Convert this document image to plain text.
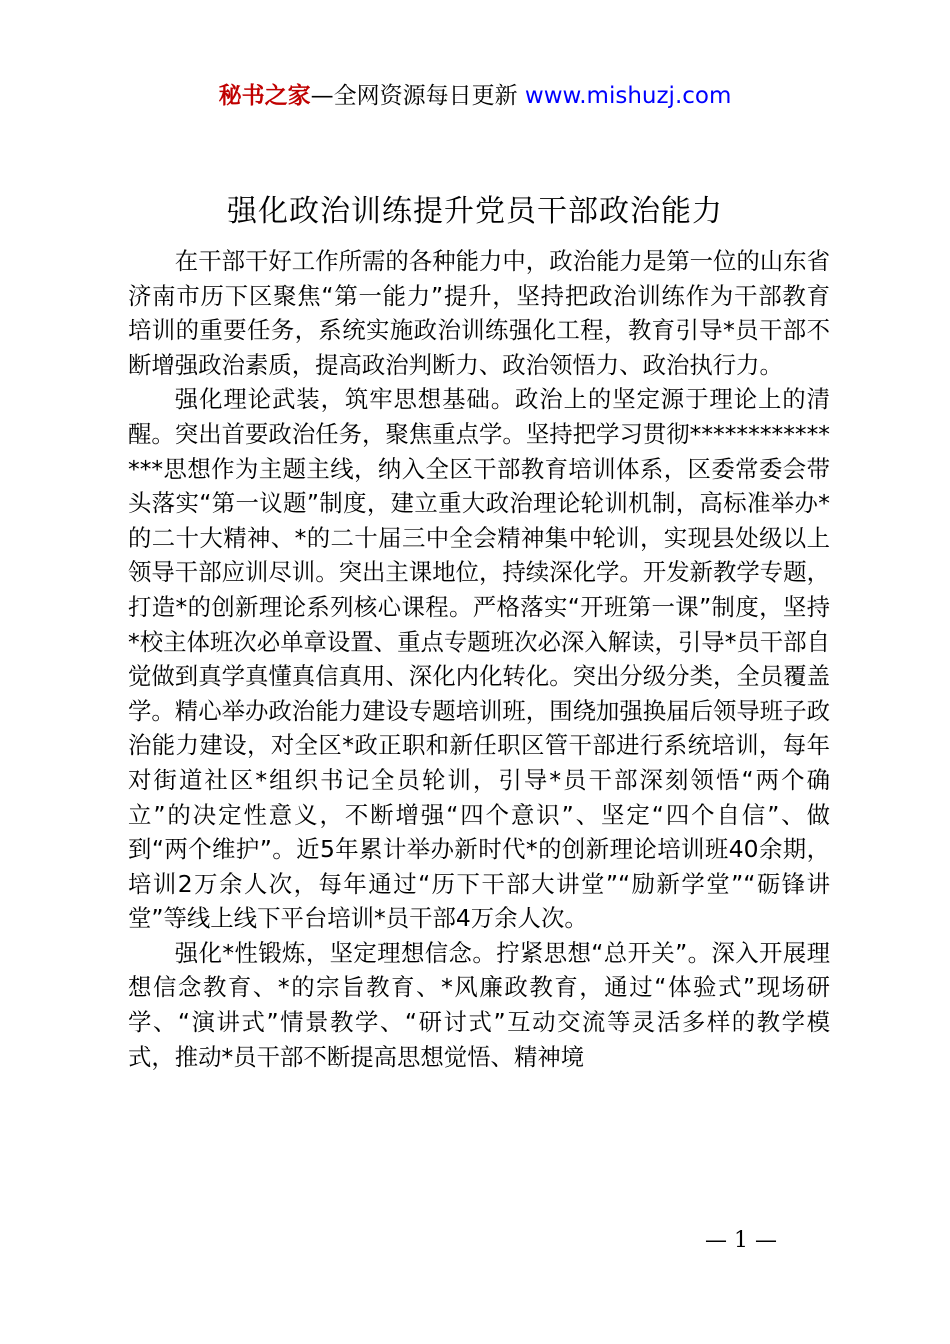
秘书之家—全网资源每日更新 www.mishuzj.com
强化政治训练提升党员干部政治能力

在干部干好工作所需的各种能力中，政治能力是第一位的山东省济南市历下区聚焦“第一能力”提升，坚持把政治训练作为干部教育培训的重要任务，系统实施政治训练强化工程，教育引导*员干部不断增强政治素质，提高政治判断力、政治领悟力、政治执行力。

强化理论武装，筑牢思想基础。政治上的坚定源于理论上的清醒。突出首要政治任务，聚焦重点学。坚持把学习贯彻***************思想作为主题主线，纳入全区干部教育培训体系，区委常委会带头落实“第一议题”制度，建立重大政治理论轮训机制，高标准举办*的二十大精神、*的二十届三中全会精神集中轮训，实现县处级以上领导干部应训尽训。突出主课地位，持续深化学。开发新教学专题，打造*的创新理论系列核心课程。严格落实“开班第一课”制度，坚持*校主体班次必单章设置、重点专题班次必深入解读，引导*员干部自觉做到真学真懂真信真用、深化内化转化。突出分级分类，全员覆盖学。精心举办政治能力建设专题培训班，围绕加强换届后领导班子政治能力建设，对全区*政正职和新任职区管干部进行系统培训，每年对街道社区*组织书记全员轮训，引导*员干部深刻领悟“两个确立”的决定性意义，不断增强“四个意识”、坚定“四个自信”、做到“两个维护”。近5年累计举办新时代*的创新理论培训班40余期，培训2万余人次，每年通过“历下干部大讲堂”“励新学堂”“砺锋讲堂”等线上线下平台培训*员干部4万余人次。

强化*性锻炼，坚定理想信念。拧紧思想“总开关”。深入开展理想信念教育、*的宗旨教育、*风廉政教育，通过“体验式”现场研学、“演讲式”情景教学、“研讨式”互动交流等灵活多样的教学模式，推动*员干部不断提高思想觉悟、精神境

— 1 —
